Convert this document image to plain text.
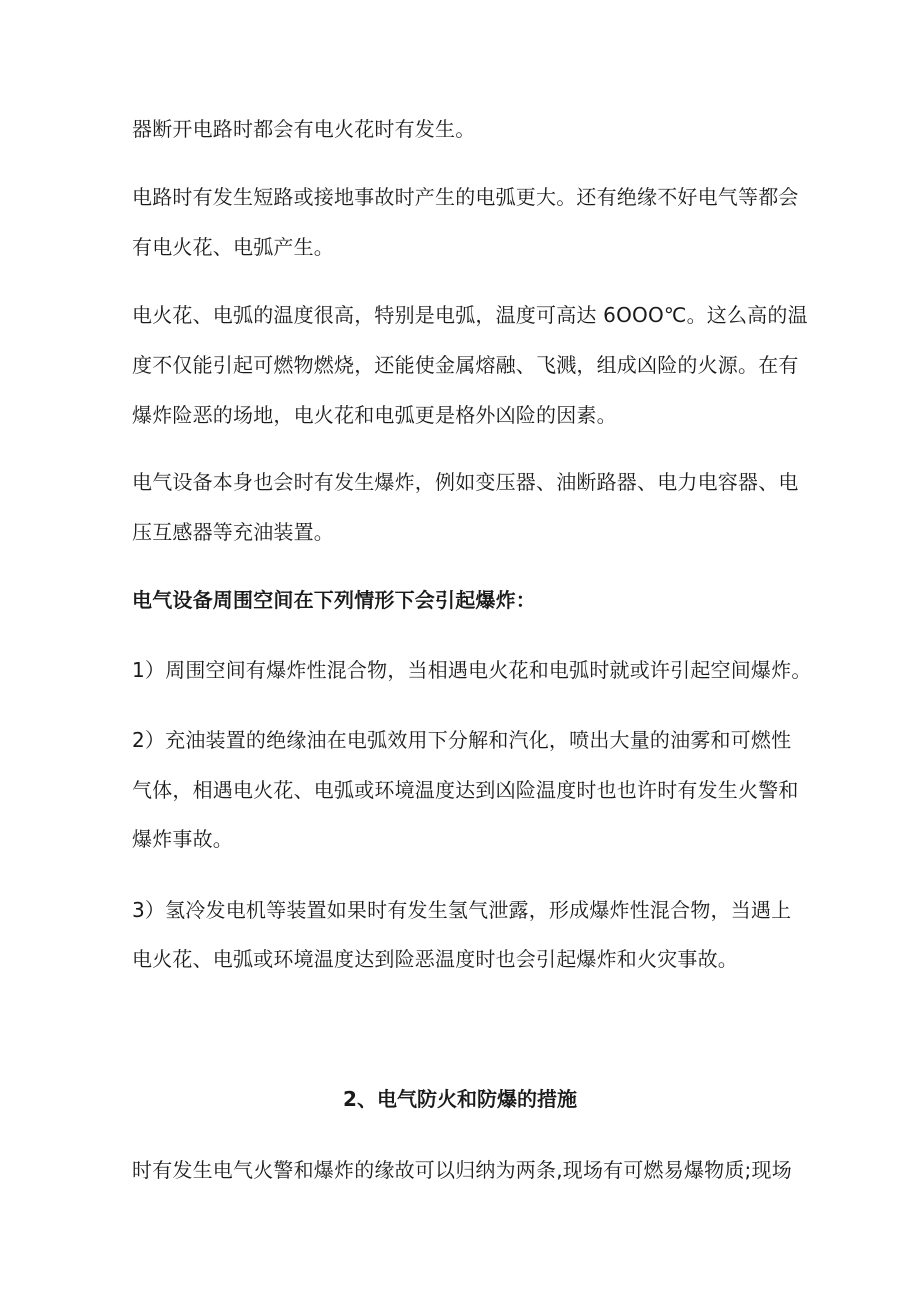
器断开电路时都会有电火花时有发生。
电路时有发生短路或接地事故时产生的电弧更大。还有绝缘不好电气等都会
有电火花、电弧产生。
电火花、电弧的温度很高，特别是电弧，温度可高达 6OOO℃。这么高的温
度不仅能引起可燃物燃烧，还能使金属熔融、飞溅，组成凶险的火源。在有
爆炸险恶的场地，电火花和电弧更是格外凶险的因素。
电气设备本身也会时有发生爆炸，例如变压器、油断路器、电力电容器、电
压互感器等充油装置。
电气设备周围空间在下列情形下会引起爆炸：
1）周围空间有爆炸性混合物，当相遇电火花和电弧时就或许引起空间爆炸。
2）充油装置的绝缘油在电弧效用下分解和汽化，喷出大量的油雾和可燃性
气体，相遇电火花、电弧或环境温度达到凶险温度时也也许时有发生火警和
爆炸事故。
3）氢冷发电机等装置如果时有发生氢气泄露，形成爆炸性混合物，当遇上
电火花、电弧或环境温度达到险恶温度时也会引起爆炸和火灾事故。
2、电气防火和防爆的措施
时有发生电气火警和爆炸的缘故可以归纳为两条,现场有可燃易爆物质;现场
